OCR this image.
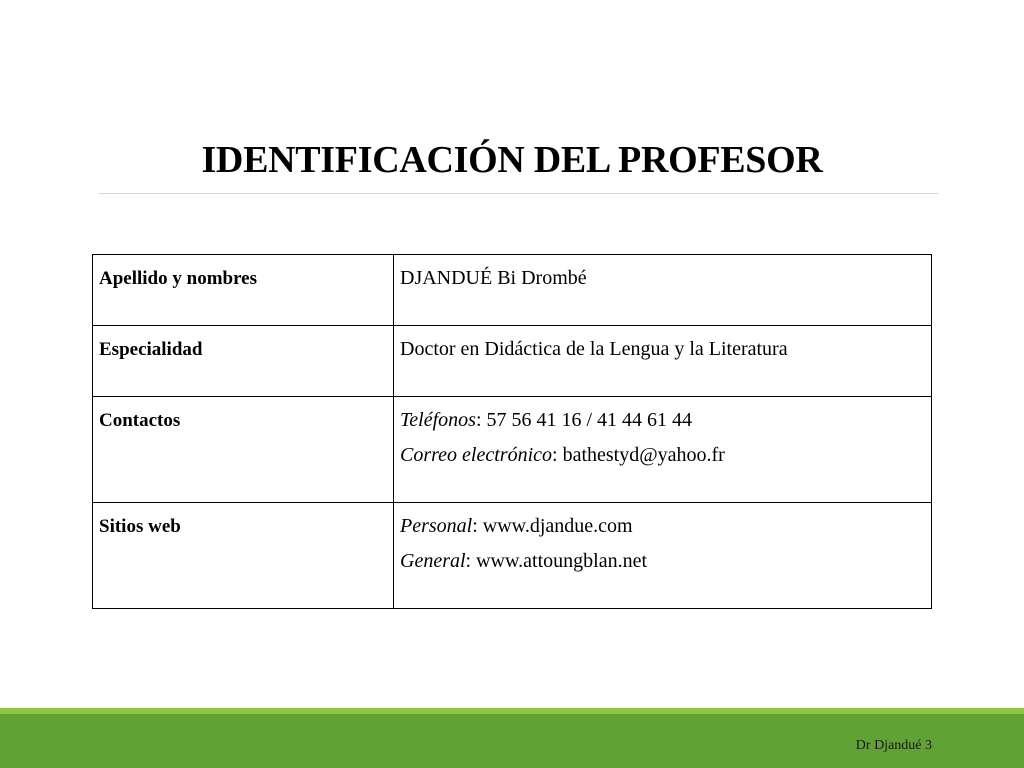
IDENTIFICACIÓN DEL PROFESOR
Apellido y nombres	DJANDUÉ Bi Drombé

Especialidad	Doctor en Didáctica de la Lengua y la Literatura

Contactos	Teléfonos: 57 56 41 16 / 41 44 61 44
Correo electrónico: bathestyd@yahoo.fr

Sitios web	Personal: www.djandue.com
General: www.attoungblan.net
Dr Djandué 3
